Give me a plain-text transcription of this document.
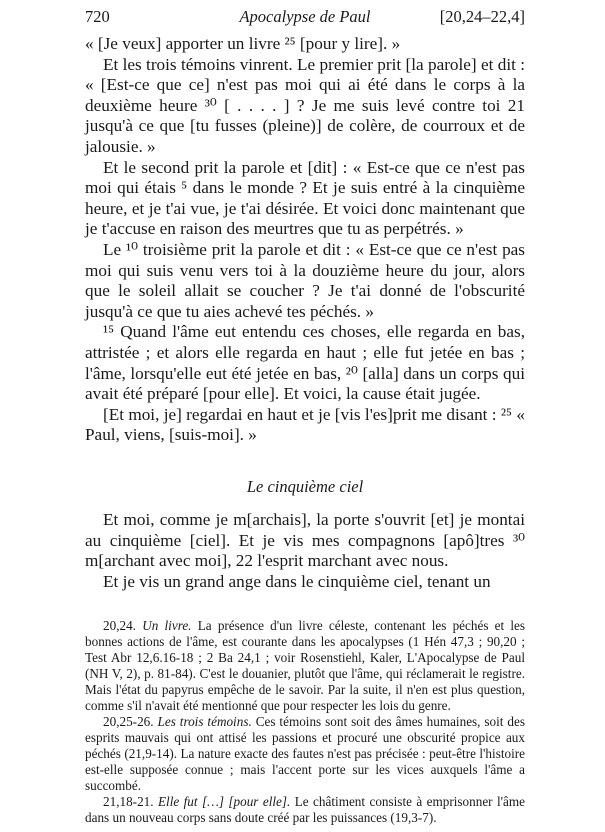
720	Apocalypse de Paul	[20,24–22,4]

« [Je veux] apporter un livre ²⁵ [pour y lire]. »

Et les trois témoins vinrent. Le premier prit [la parole] et dit : « [Est-ce que ce] n'est pas moi qui ai été dans le corps à la deuxième heure ³⁰ [ . . . . ] ? Je me suis levé contre toi 21 jusqu'à ce que [tu fusses (pleine)] de colère, de courroux et de jalousie. »

Et le second prit la parole et [dit] : « Est-ce que ce n'est pas moi qui étais ⁵ dans le monde ? Et je suis entré à la cinquième heure, et je t'ai vue, je t'ai désirée. Et voici donc maintenant que je t'accuse en raison des meurtres que tu as perpétrés. »

Le ¹⁰ troisième prit la parole et dit : « Est-ce que ce n'est pas moi qui suis venu vers toi à la douzième heure du jour, alors que le soleil allait se coucher ? Je t'ai donné de l'obscurité jusqu'à ce que tu aies achevé tes péchés. »

¹⁵ Quand l'âme eut entendu ces choses, elle regarda en bas, attristée ; et alors elle regarda en haut ; elle fut jetée en bas ; l'âme, lorsqu'elle eut été jetée en bas, ²⁰ [alla] dans un corps qui avait été préparé [pour elle]. Et voici, la cause était jugée.

[Et moi, je] regardai en haut et je [vis l'es]prit me disant : ²⁵ « Paul, viens, [suis-moi]. »

Le cinquième ciel

Et moi, comme je m[archais], la porte s'ouvrit [et] je montai au cinquième [ciel]. Et je vis mes compagnons [apô]tres ³⁰ m[archant avec moi], 22 l'esprit marchant avec nous.

Et je vis un grand ange dans le cinquième ciel, tenant un

20,24. Un livre. La présence d'un livre céleste, contenant les péchés et les bonnes actions de l'âme, est courante dans les apocalypses (1 Hén 47,3 ; 90,20 ; Test Abr 12,6.16-18 ; 2 Ba 24,1 ; voir Rosenstiehl, Kaler, L'Apocalypse de Paul (NH V, 2), p. 81-84). C'est le douanier, plutôt que l'âme, qui réclamerait le registre. Mais l'état du papyrus empêche de le savoir. Par la suite, il n'en est plus question, comme s'il n'avait été mentionné que pour respecter les lois du genre.

20,25-26. Les trois témoins. Ces témoins sont soit des âmes humaines, soit des esprits mauvais qui ont attisé les passions et procuré une obscurité propice aux péchés (21,9-14). La nature exacte des fautes n'est pas précisée : peut-être l'histoire est-elle supposée connue ; mais l'accent porte sur les vices auxquels l'âme a succombé.

21,18-21. Elle fut […] [pour elle]. Le châtiment consiste à emprisonner l'âme dans un nouveau corps sans doute créé par les puissances (19,3-7).
